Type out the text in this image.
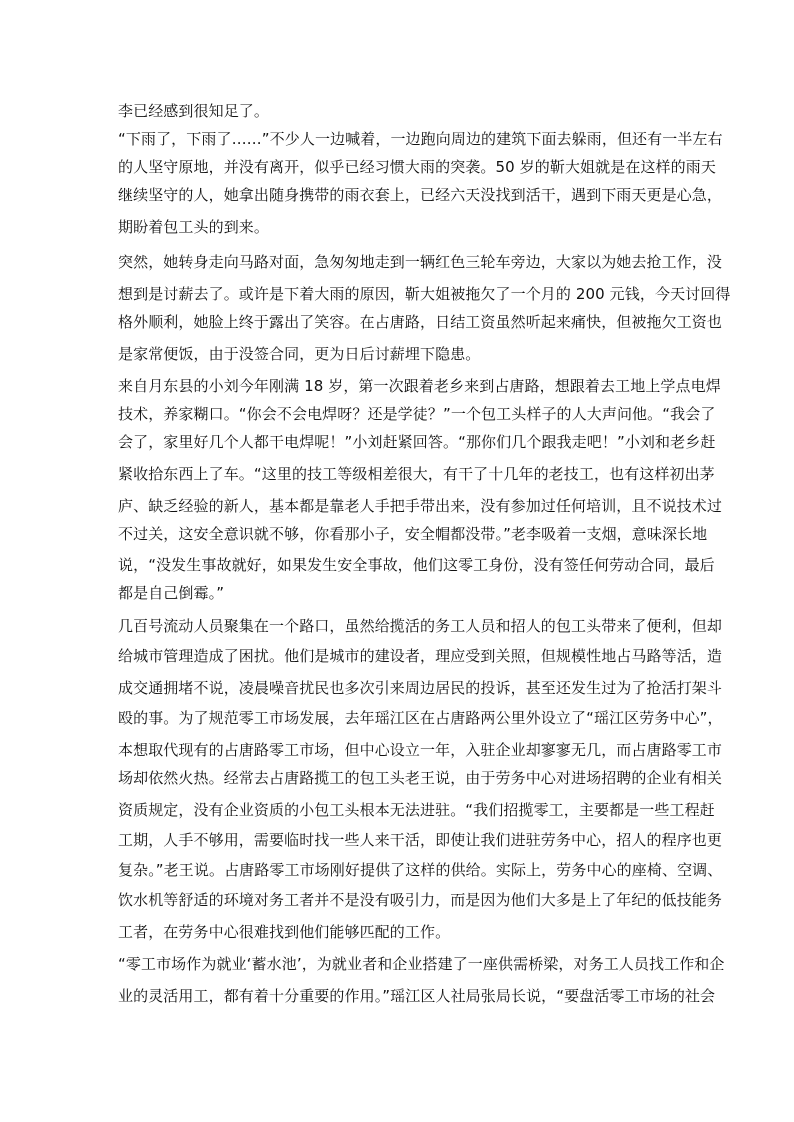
李已经感到很知足了。
“下雨了，下雨了……”不少人一边喊着，一边跑向周边的建筑下面去躲雨，但还有一半左右
的人坚守原地，并没有离开，似乎已经习惯大雨的突袭。50 岁的靳大姐就是在这样的雨天
继续坚守的人，她拿出随身携带的雨衣套上，已经六天没找到活干，遇到下雨天更是心急，
期盼着包工头的到来。
突然，她转身走向马路对面，急匆匆地走到一辆红色三轮车旁边，大家以为她去抢工作，没
想到是讨薪去了。或许是下着大雨的原因，靳大姐被拖欠了一个月的 200 元钱，今天讨回得
格外顺利，她脸上终于露出了笑容。在占唐路，日结工资虽然听起来痛快，但被拖欠工资也
是家常便饭，由于没签合同，更为日后讨薪埋下隐患。
来自月东县的小刘今年刚满 18 岁，第一次跟着老乡来到占唐路，想跟着去工地上学点电焊
技术，养家糊口。“你会不会电焊呀？还是学徒？”一个包工头样子的人大声问他。“我会了
会了，家里好几个人都干电焊呢！”小刘赶紧回答。“那你们几个跟我走吧！”小刘和老乡赶
紧收拾东西上了车。“这里的技工等级相差很大，有干了十几年的老技工，也有这样初出茅
庐、缺乏经验的新人，基本都是靠老人手把手带出来，没有参加过任何培训，且不说技术过
不过关，这安全意识就不够，你看那小子，安全帽都没带。”老李吸着一支烟，意味深长地
说，“没发生事故就好，如果发生安全事故，他们这零工身份，没有签任何劳动合同，最后
都是自己倒霉。”
几百号流动人员聚集在一个路口，虽然给揽活的务工人员和招人的包工头带来了便利，但却
给城市管理造成了困扰。他们是城市的建设者，理应受到关照，但规模性地占马路等活，造
成交通拥堵不说，凌晨噪音扰民也多次引来周边居民的投诉，甚至还发生过为了抢活打架斗
殴的事。为了规范零工市场发展，去年瑶江区在占唐路两公里外设立了“瑶江区劳务中心”，
本想取代现有的占唐路零工市场，但中心设立一年，入驻企业却寥寥无几，而占唐路零工市
场却依然火热。经常去占唐路揽工的包工头老王说，由于劳务中心对进场招聘的企业有相关
资质规定，没有企业资质的小包工头根本无法进驻。“我们招揽零工，主要都是一些工程赶
工期，人手不够用，需要临时找一些人来干活，即使让我们进驻劳务中心，招人的程序也更
复杂。”老王说。占唐路零工市场刚好提供了这样的供给。实际上，劳务中心的座椅、空调、
饮水机等舒适的环境对务工者并不是没有吸引力，而是因为他们大多是上了年纪的低技能务
工者，在劳务中心很难找到他们能够匹配的工作。
“零工市场作为就业‘蓄水池’，为就业者和企业搭建了一座供需桥梁，对务工人员找工作和企
业的灵活用工，都有着十分重要的作用。”瑶江区人社局张局长说，“要盘活零工市场的社会
